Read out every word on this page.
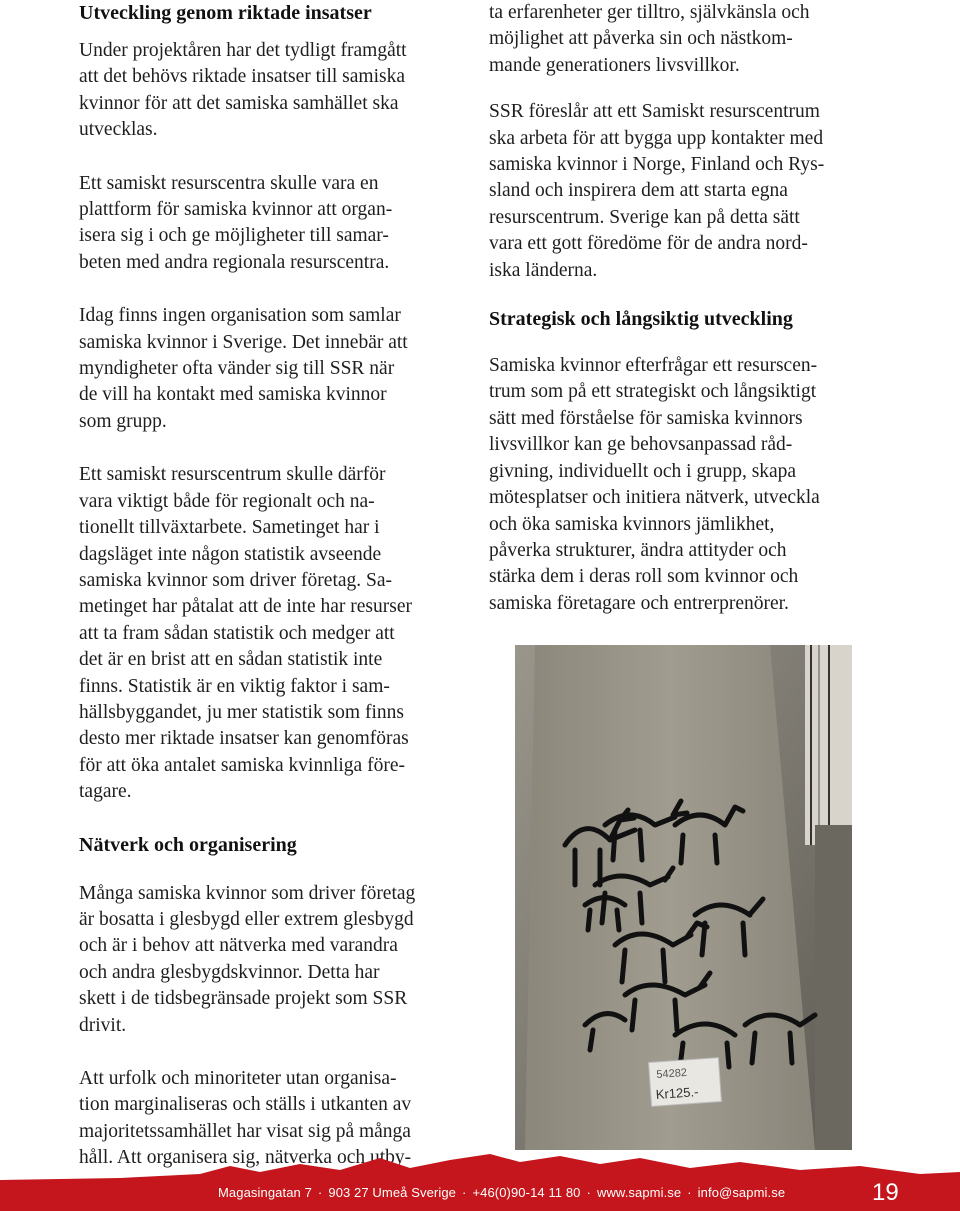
Utveckling genom riktade insatser

Under projektåren har det tydligt framgått
att det behövs riktade insatser till samiska
kvinnor för att det samiska samhället ska
utvecklas.

Ett samiskt resurscentra skulle vara en
plattform för samiska kvinnor att organ-
isera sig i och ge möjligheter till samar-
beten med andra regionala resurscentra.

Idag finns ingen organisation som samlar
samiska kvinnor i Sverige. Det innebär att
myndigheter ofta vänder sig till SSR när
de vill ha kontakt med samiska kvinnor
som grupp.

Ett samiskt resurscentrum skulle därför
vara viktigt både för regionalt och na-
tionellt tillväxtarbete. Sametinget har i
dagsläget inte någon statistik avseende
samiska kvinnor som driver företag. Sa-
metinget har påtalat att de inte har resurser
att ta fram sådan statistik och medger att
det är en brist att en sådan statistik inte
finns. Statistik är en viktig faktor i sam-
hällsbyggandet, ju mer statistik som finns
desto mer riktade insatser kan genomföras
för att öka antalet samiska kvinnliga före-
tagare.

Nätverk och organisering

Många samiska kvinnor som driver företag
är bosatta i glesbygd eller extrem glesbygd
och är i behov att nätverka med varandra
och andra glesbygdskvinnor. Detta har
skett i de tidsbegränsade projekt som SSR
drivit.

Att urfolk och minoriteter utan organisa-
tion marginaliseras och ställs i utkanten av
majoritetssamhället har visat sig på många
håll. Att organisera sig, nätverka och utby-

ta erfarenheter ger tilltro, självkänsla och
möjlighet att påverka sin och nästkom-
mande generationers livsvillkor.

SSR föreslår att ett Samiskt resurscentrum
ska arbeta för att bygga upp kontakter med
samiska kvinnor i Norge, Finland och Rys-
sland och inspirera dem att starta egna
resurscentrum. Sverige kan på detta sätt
vara ett gott föredöme för de andra nord-
iska länderna.

Strategisk och långsiktig utveckling

Samiska kvinnor efterfrågar ett resurscen-
trum som på ett strategiskt och långsiktigt
sätt med förståelse för samiska kvinnors
livsvillkor kan ge behovsanpassad råd-
givning, individuellt och i grupp, skapa
mötesplatser och initiera nätverk, utveckla
och öka samiska kvinnors jämlikhet,
påverka strukturer, ändra attityder och
stärka dem i deras roll som kvinnor och
samiska företagare och entrerprenörer.

54282
Kr125.-
Magasingatan 7 · 903 27 Umeå Sverige · +46(0)90-14 11 80 · www.sapmi.se · info@sapmi.se	19
